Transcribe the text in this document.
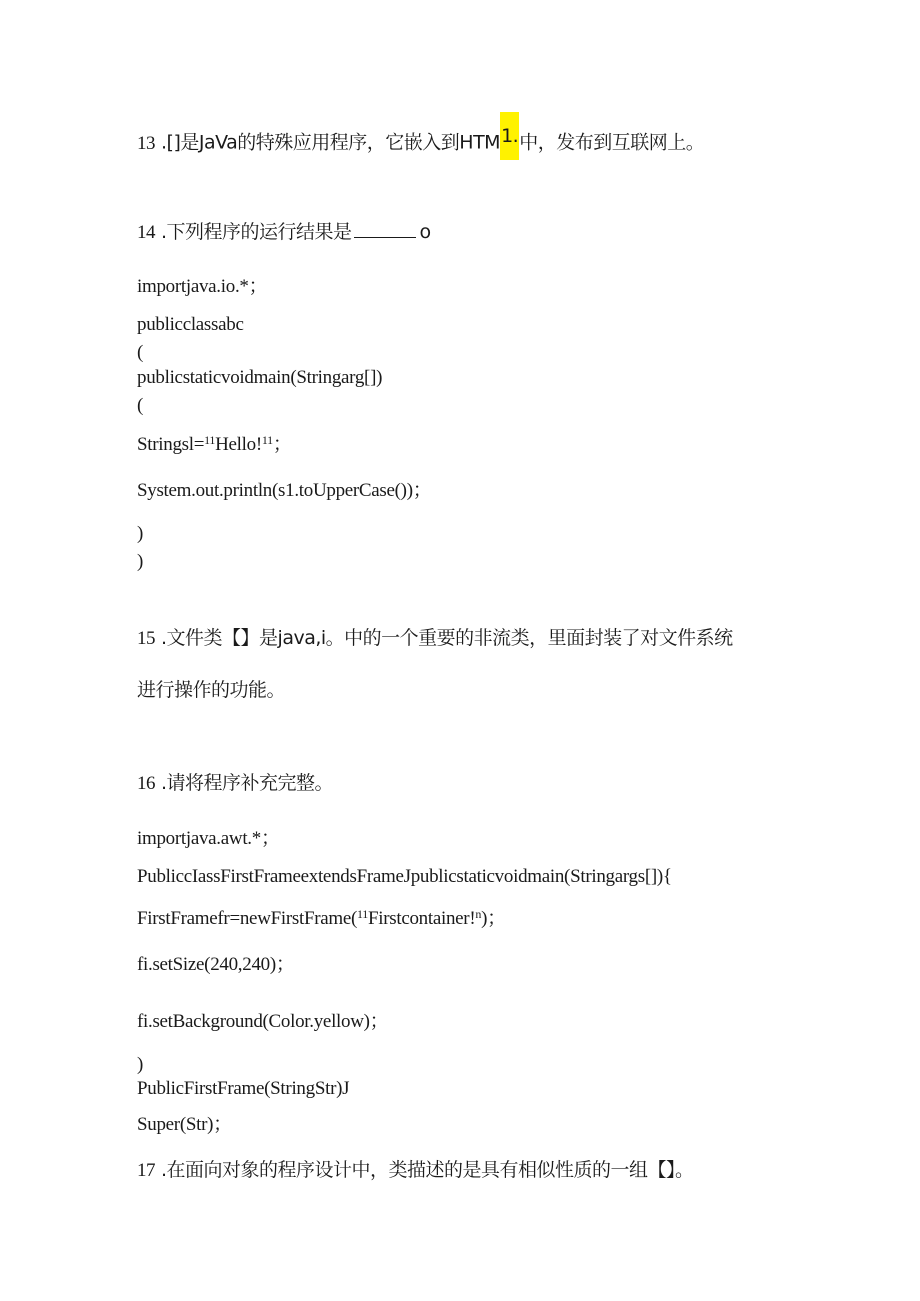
13 .[]是JaVa的特殊应用程序，它嵌入到HTM1.中，发布到互联网上。
14 .下列程序的运行结果是	o
importjava.io.*；
publicclassabc
(
publicstaticvoidmain(Stringarg[])
(
Stringsl=$^{11}$Hello!$^{11}$；
System.out.println(s1.toUpperCase())；
)
)
15 .文件类【】是java,i。中的一个重要的非流类，里面封装了对文件系统
进行操作的功能。
16 .请将程序补充完整。
importjava.awt.*；
PubliccIassFirstFrameextendsFrameJpublicstaticvoidmain(Stringargs[]){
FirstFramefr=newFirstFrame($^{11}$Firstcontainer!$^n$)；
fi.setSize(240,240)；
fi.setBackground(Color.yellow)；
)
PublicFirstFrame(StringStr)J
Super(Str)；
17 .在面向对象的程序设计中，类描述的是具有相似性质的一组【】。
